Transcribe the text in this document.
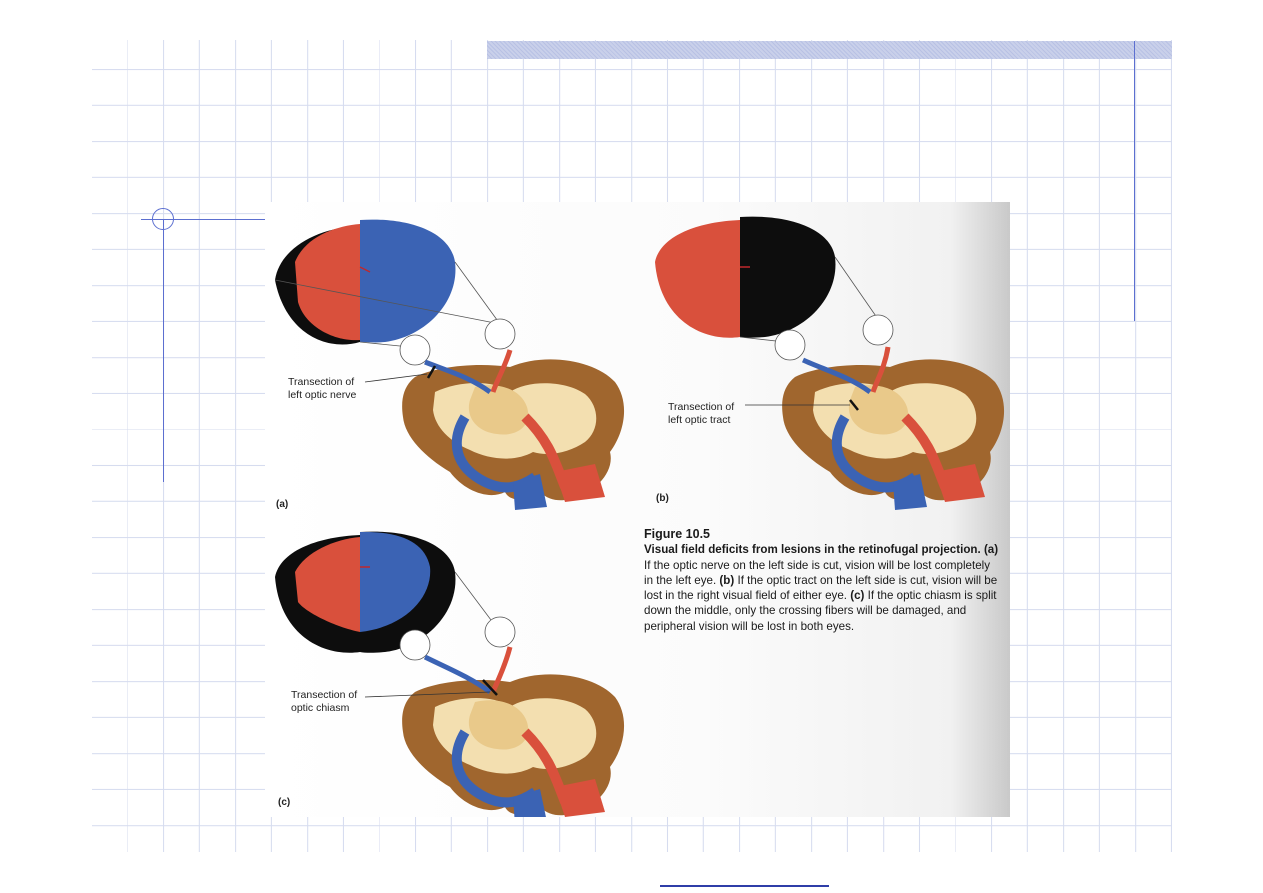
Transection of
left optic nerve
Transection of
left optic tract
Transection of
optic chiasm
(a)
(b)
(c)
Figure 10.5
Visual field deficits from lesions in the retinofugal projection. (a) If the optic nerve on the left side is cut, vision will be lost completely in the left eye. (b) If the optic tract on the left side is cut, vision will be lost in the right visual field of either eye. (c) If the optic chiasm is split down the middle, only the crossing fibers will be damaged, and peripheral vision will be lost in both eyes.
